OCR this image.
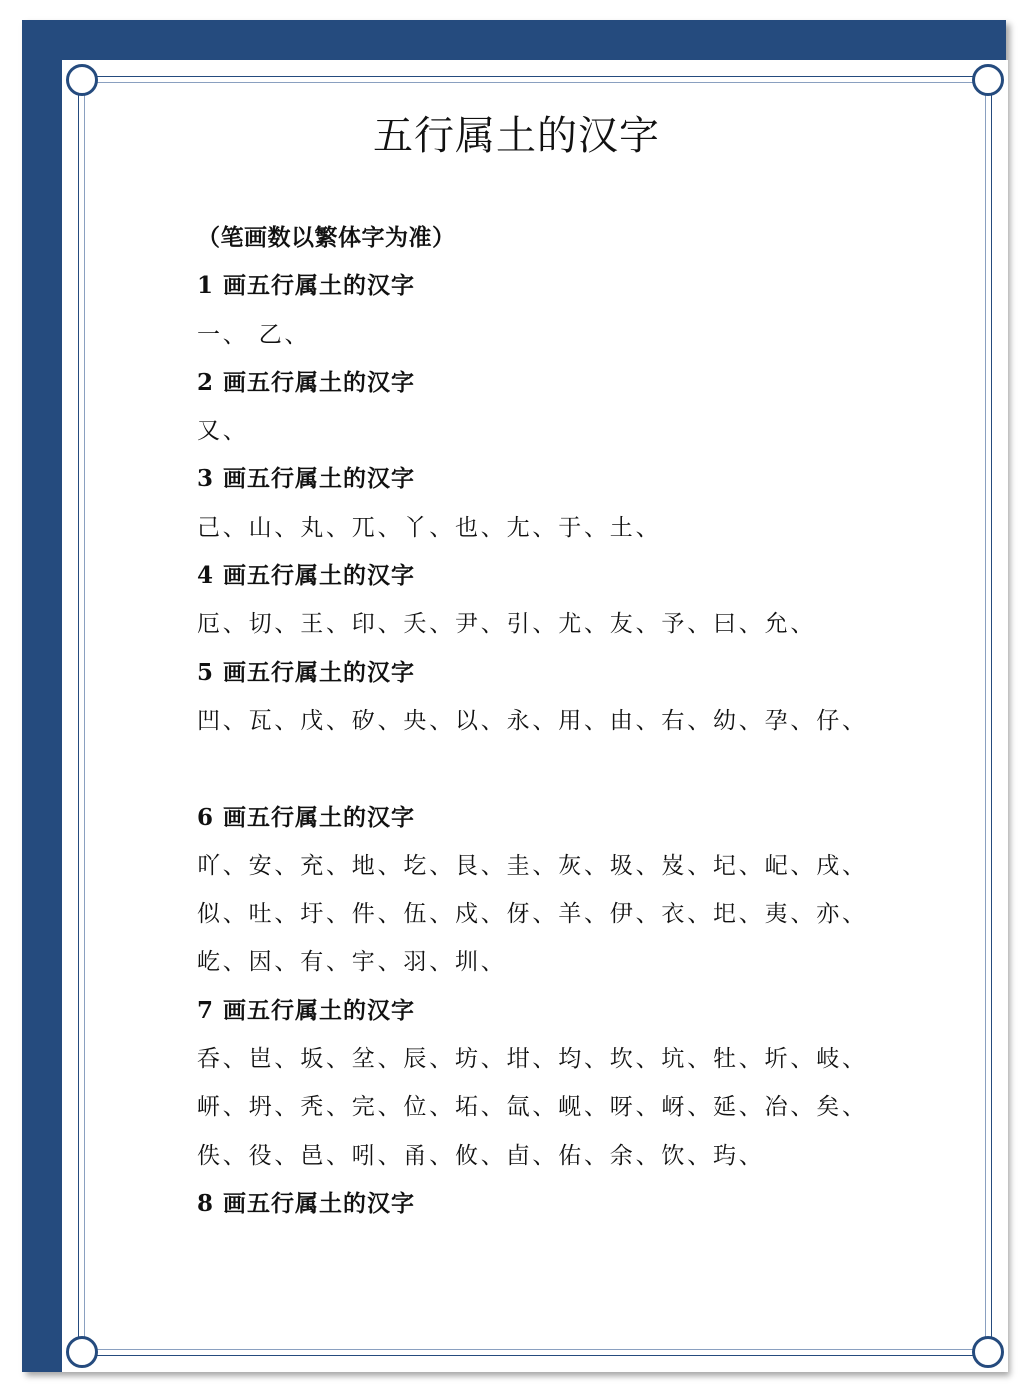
五行属土的汉字
（笔画数以繁体字为准）
1 画五行属土的汉字
一、 乙、
2 画五行属土的汉字
又、
3 画五行属土的汉字
己、山、丸、兀、丫、也、尢、于、土、
4 画五行属土的汉字
厄、切、王、印、夭、尹、引、尤、友、予、曰、允、
5 画五行属土的汉字
凹、瓦、戊、矽、央、以、永、用、由、右、幼、孕、仔、
6 画五行属土的汉字
吖、安、充、地、圪、艮、圭、灰、圾、岌、圮、屺、戌、
似、吐、圩、件、伍、戍、伢、羊、伊、衣、圯、夷、亦、
屹、因、有、宇、羽、圳、
7 画五行属土的汉字
呑、岜、坂、坌、辰、坊、坩、均、坎、坑、牡、圻、岐、
岍、坍、秃、完、位、坧、氙、岘、呀、岈、延、冶、矣、
佚、役、邑、吲、甬、攸、卣、佑、余、饮、玙、
8 画五行属土的汉字
